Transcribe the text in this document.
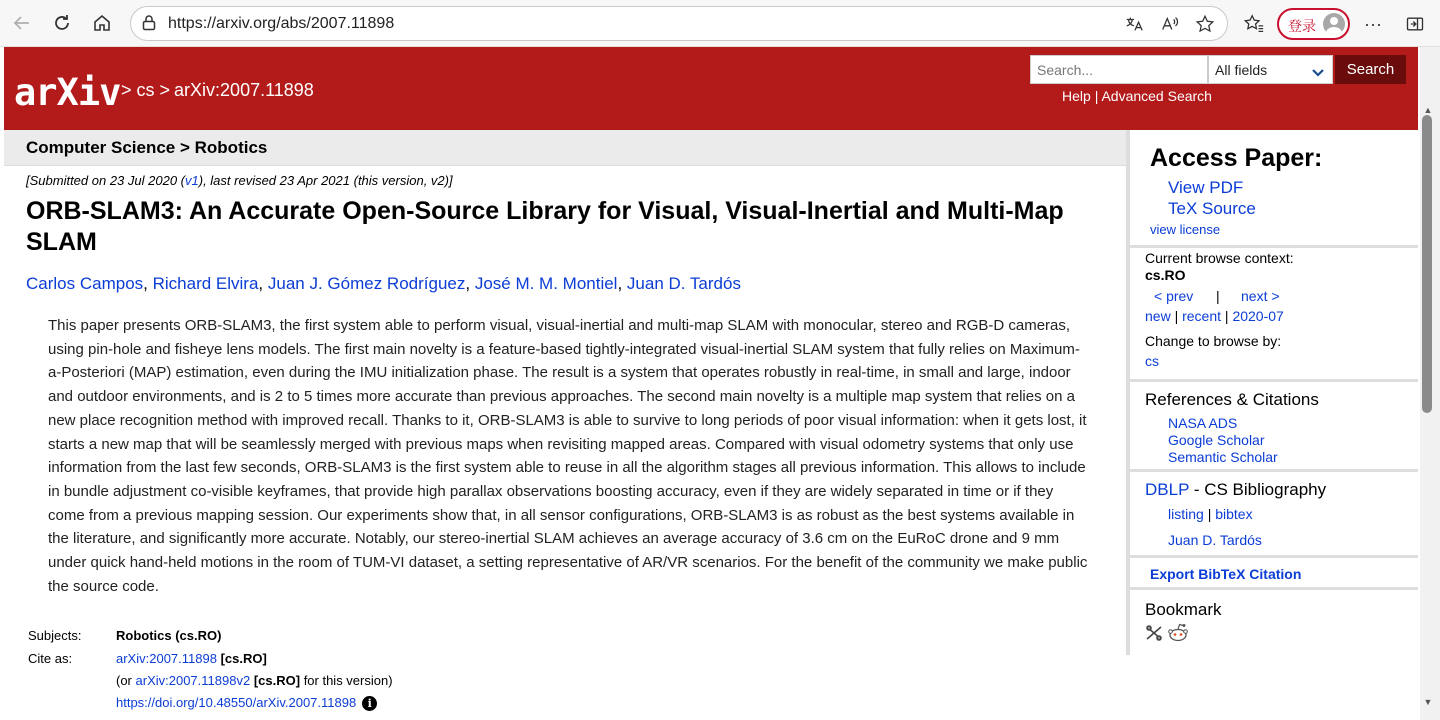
https://arxiv.org/abs/2007.11898	登录	···
arXiv > cs > arXiv:2007.11898
Search...	All fields	Search
Help | Advanced Search
Computer Science > Robotics
[Submitted on 23 Jul 2020 (v1), last revised 23 Apr 2021 (this version, v2)]
ORB-SLAM3: An Accurate Open-Source Library for Visual, Visual-Inertial and Multi-Map SLAM
Carlos Campos, Richard Elvira, Juan J. Gómez Rodríguez, José M. M. Montiel, Juan D. Tardós

This paper presents ORB-SLAM3, the first system able to perform visual, visual-inertial and multi-map SLAM with monocular, stereo and RGB-D cameras, using pin-hole and fisheye lens models. The first main novelty is a feature-based tightly-integrated visual-inertial SLAM system that fully relies on Maximum-a-Posteriori (MAP) estimation, even during the IMU initialization phase. The result is a system that operates robustly in real-time, in small and large, indoor and outdoor environments, and is 2 to 5 times more accurate than previous approaches. The second main novelty is a multiple map system that relies on a new place recognition method with improved recall. Thanks to it, ORB-SLAM3 is able to survive to long periods of poor visual information: when it gets lost, it starts a new map that will be seamlessly merged with previous maps when revisiting mapped areas. Compared with visual odometry systems that only use information from the last few seconds, ORB-SLAM3 is the first system able to reuse in all the algorithm stages all previous information. This allows to include in bundle adjustment co-visible keyframes, that provide high parallax observations boosting accuracy, even if they are widely separated in time or if they come from a previous mapping session. Our experiments show that, in all sensor configurations, ORB-SLAM3 is as robust as the best systems available in the literature, and significantly more accurate. Notably, our stereo-inertial SLAM achieves an average accuracy of 3.6 cm on the EuRoC drone and 9 mm under quick hand-held motions in the room of TUM-VI dataset, a setting representative of AR/VR scenarios. For the benefit of the community we make public the source code.

Subjects:	Robotics (cs.RO)
Cite as:	arXiv:2007.11898 [cs.RO]
(or arXiv:2007.11898v2 [cs.RO] for this version)
https://doi.org/10.48550/arXiv.2007.11898 i
Access Paper:
View PDF
TeX Source
view license
Current browse context:
cs.RO
< prev | next >
new | recent | 2020-07
Change to browse by:
cs
References & Citations
NASA ADS
Google Scholar
Semantic Scholar
DBLP - CS Bibliography
listing | bibtex
Juan D. Tardós
Export BibTeX Citation
Bookmark
▲
▼
